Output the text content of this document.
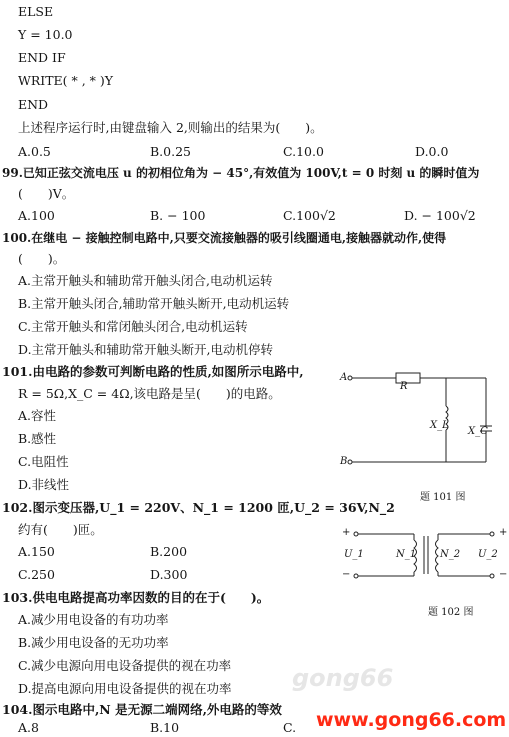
ELSE
Y = 10.0
END IF
WRITE( * , * )Y
END
上述程序运行时,由键盘输入 2,则输出的结果为(　　)。
A.0.5	B.0.25	C.10.0	D.0.0
99.已知正弦交流电压 u 的初相位角为 − 45°,有效值为 100V,t = 0 时刻 u 的瞬时值为
(　　)V。
A.100	B. − 100	C.100√2	D. − 100√2
100.在继电 − 接触控制电路中,只要交流接触器的吸引线圈通电,接触器就动作,使得
(　　)。
A.主常开触头和辅助常开触头闭合,电动机运转
B.主常开触头闭合,辅助常开触头断开,电动机运转
C.主常开触头和常闭触头闭合,电动机运转
D.主常开触头和辅助常开触头断开,电动机停转
101.由电路的参数可判断电路的性质,如图所示电路中,
R = 5Ω,X_C = 4Ω,该电路是呈(　　)的电路。
A.容性
B.感性
C.电阻性
D.非线性
A
B
R
X_L
X_C
题 101 图
102.图示变压器,U_1 = 220V、N_1 = 1200 匝,U_2 = 36V,N_2
约有(　　)匝。
A.150	B.200
C.250	D.300
+
−
U_1	N_1 N_2 U_2
+
−
题 102 图
103.供电电路提高功率因数的目的在于(　　)。
A.减少用电设备的有功功率
B.减少用电设备的无功功率
C.减少电源向用电设备提供的视在功率
D.提高电源向用电设备提供的视在功率	gong66
104.图示电路中,N 是无源二端网络,外电路的等效
A.8	B.10	C. www.gong66.com
